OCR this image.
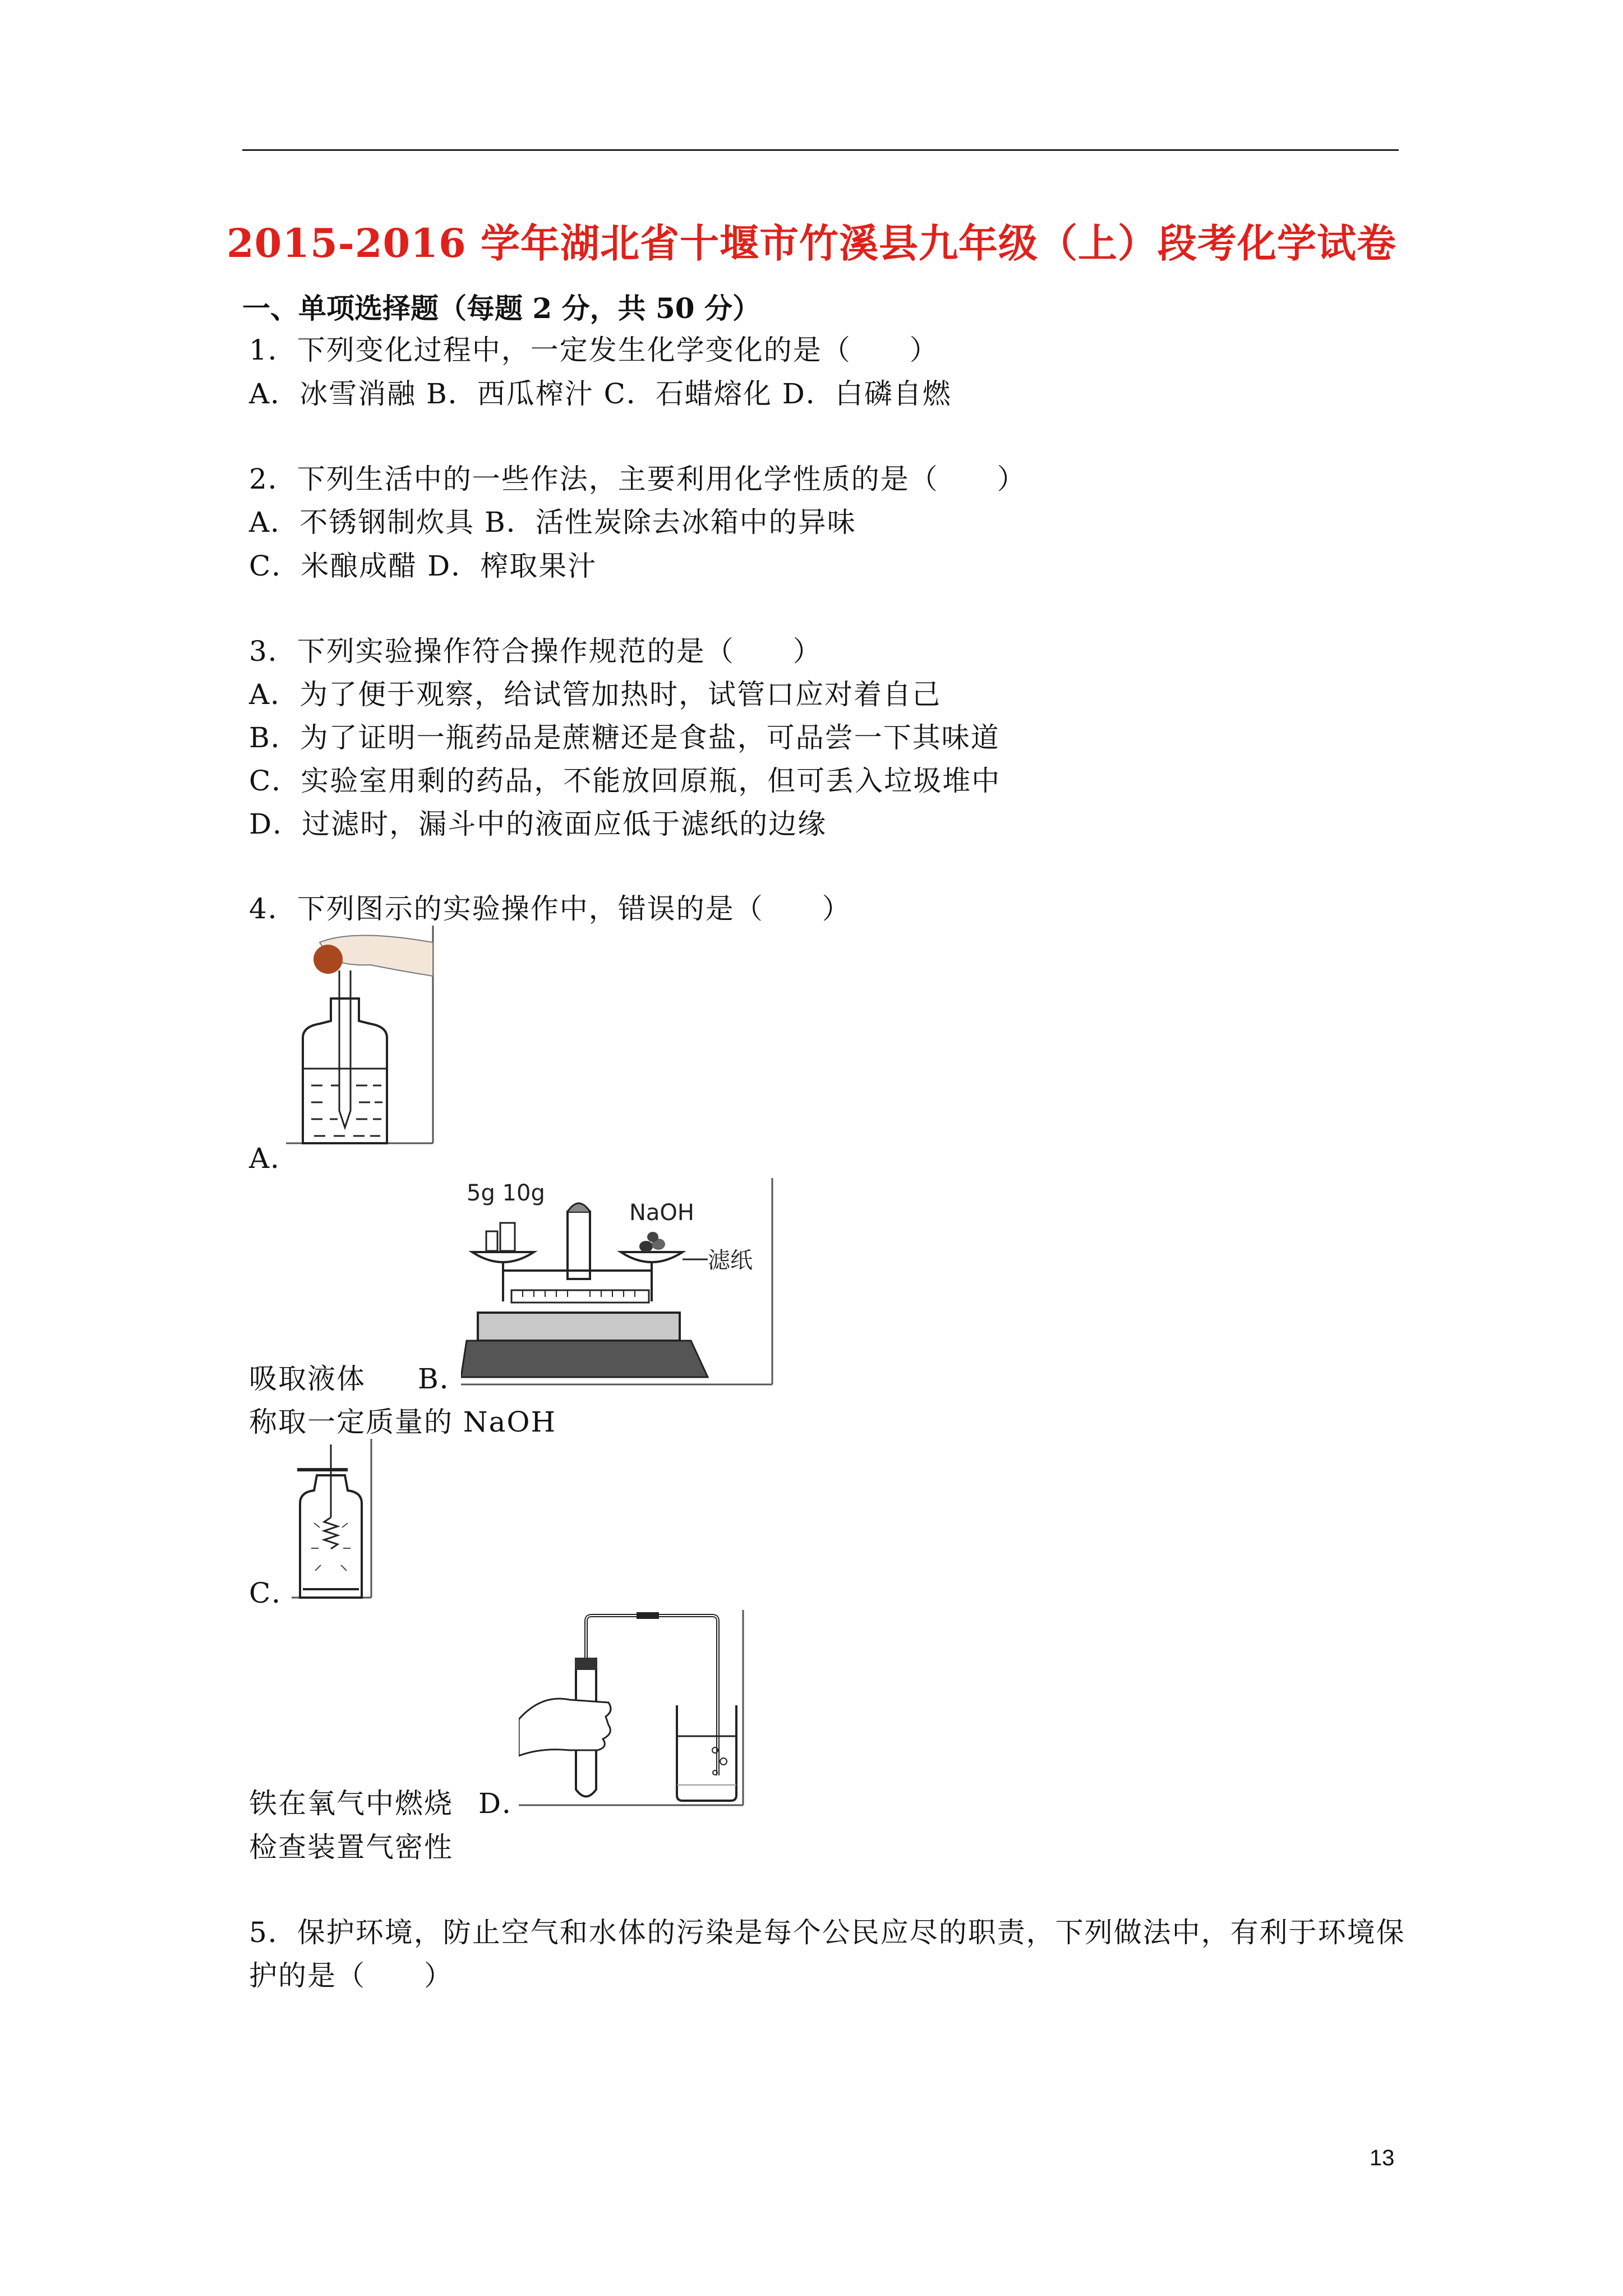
2015-2016 学年湖北省十堰市竹溪县九年级（上）段考化学试卷
一、单项选择题（每题 2 分，共 50 分）
1．下列变化过程中，一定发生化学变化的是（　　）
A．冰雪消融 B．西瓜榨汁 C．石蜡熔化 D．白磷自燃
2．下列生活中的一些作法，主要利用化学性质的是（　　）
A．不锈钢制炊具 B．活性炭除去冰箱中的异味
C．米酿成醋 D．榨取果汁
3．下列实验操作符合操作规范的是（　　）
A．为了便于观察，给试管加热时，试管口应对着自己
B．为了证明一瓶药品是蔗糖还是食盐，可品尝一下其味道
C．实验室用剩的药品，不能放回原瓶，但可丢入垃圾堆中
D．过滤时，漏斗中的液面应低于滤纸的边缘
4．下列图示的实验操作中，错误的是（　　）
A．
5g 10g
NaOH
滤纸
吸取液体 B．
称取一定质量的 NaOH
C．
铁在氧气中燃烧 D．
检查装置气密性
5．保护环境，防止空气和水体的污染是每个公民应尽的职责，下列做法中，有利于环境保
护的是（　　）
13
